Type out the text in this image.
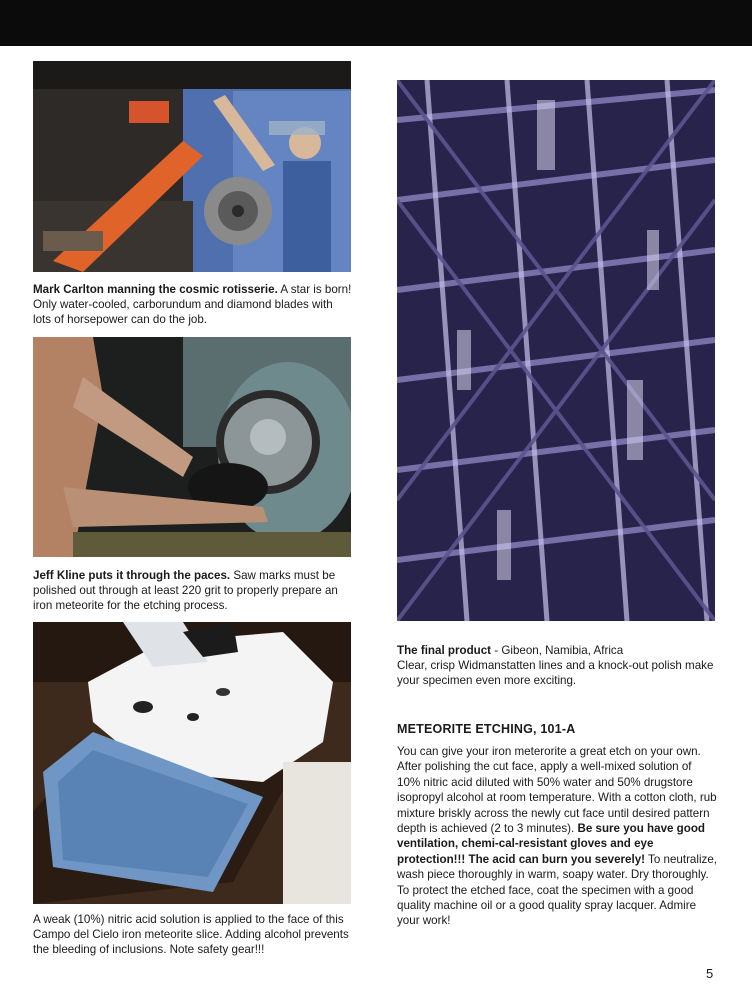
Mark Carlton manning the cosmic rotisserie. A star is born! Only water-cooled, carborundum and diamond blades with lots of horsepower can do the job.
Jeff Kline puts it through the paces. Saw marks must be polished out through at least 220 grit to properly prepare an iron meteorite for the etching process.
A weak (10%) nitric acid solution is applied to the face of this Campo del Cielo iron meteorite slice. Adding alcohol prevents the bleeding of inclusions. Note safety gear!!!
The final product - Gibeon, Namibia, Africa
Clear, crisp Widmanstatten lines and a knock-out polish make your specimen even more exciting.
METEORITE ETCHING, 101-A
You can give your iron meterorite a great etch on your own. After polishing the cut face, apply a well-mixed solution of 10% nitric acid diluted with 50% water and 50% drugstore isopropyl alcohol at room temperature. With a cotton cloth, rub mixture briskly across the newly cut face until desired pattern depth is achieved (2 to 3 minutes). Be sure you have good ventilation, chemi-cal-resistant gloves and eye protection!!! The acid can burn you severely! To neutralize, wash piece thoroughly in warm, soapy water. Dry thoroughly. To protect the etched face, coat the specimen with a good quality machine oil or a good quality spray lacquer. Admire your work!
5
